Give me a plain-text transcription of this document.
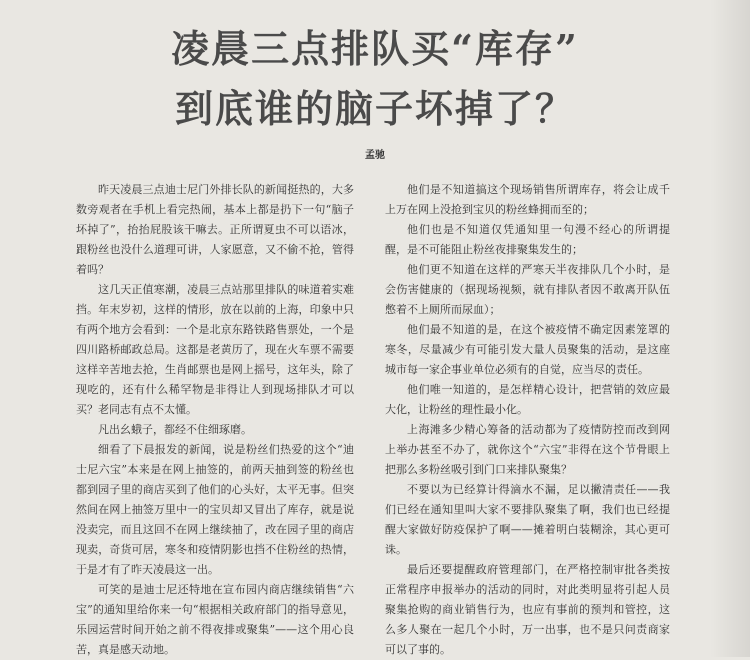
凌晨三点排队买“库存”
到底谁的脑子坏掉了？
孟驰

昨天凌晨三点迪士尼门外排长队的新闻挺热的，大多数旁观者在手机上看完热闹，基本上都是扔下一句“脑子坏掉了”，抬抬屁股该干嘛去。正所谓夏虫不可以语冰，跟粉丝也没什么道理可讲，人家愿意，又不偷不抢，管得着吗？

这几天正值寒潮，凌晨三点站那里排队的味道着实难挡。年末岁初，这样的情形，放在以前的上海，印象中只有两个地方会看到：一个是北京东路铁路售票处，一个是四川路桥邮政总局。这都是老黄历了，现在火车票不需要这样辛苦地去抢，生肖邮票也是网上摇号，这年头，除了现吃的，还有什么稀罕物是非得让人到现场排队才可以买？老同志有点不太懂。

凡出幺蛾子，都经不住细琢磨。

细看了下晨报发的新闻，说是粉丝们热爱的这个“迪士尼六宝”本来是在网上抽签的，前两天抽到签的粉丝也都到园子里的商店买到了他们的心头好，太平无事。但突然间在网上抽签万里中一的宝贝却又冒出了库存，就是说没卖完，而且这回不在网上继续抽了，改在园子里的商店现卖，奇货可居，寒冬和疫情阴影也挡不住粉丝的热情，于是才有了昨天凌晨这一出。

可笑的是迪士尼还特地在宣布园内商店继续销售“六宝”的通知里给你来一句“根据相关政府部门的指导意见，乐园运营时间开始之前不得夜排或聚集”——这个用心良苦，真是感天动地。

他们是不知道搞这个现场销售所谓库存，将会让成千上万在网上没抢到宝贝的粉丝蜂拥而至的；

他们也是不知道仅凭通知里一句漫不经心的所谓提醒，是不可能阻止粉丝夜排聚集发生的；

他们更不知道在这样的严寒天半夜排队几个小时，是会伤害健康的（据现场视频，就有排队者因不敢离开队伍憋着不上厕所而尿血）；

他们最不知道的是，在这个被疫情不确定因素笼罩的寒冬，尽量减少有可能引发大量人员聚集的活动，是这座城市每一家企事业单位必须有的自觉，应当尽的责任。

他们唯一知道的，是怎样精心设计，把营销的效应最大化，让粉丝的理性最小化。

上海滩多少精心筹备的活动都为了疫情防控而改到网上举办甚至不办了，就你这个“六宝”非得在这个节骨眼上把那么多粉丝吸引到门口来排队聚集？

不要以为已经算计得滴水不漏，足以撇清责任——我们已经在通知里叫大家不要排队聚集了啊，我们也已经提醒大家做好防疫保护了啊——摊着明白装糊涂，其心更可诛。

最后还要提醒政府管理部门，在严格控制审批各类按正常程序申报举办的活动的同时，对此类明显将引起人员聚集抢购的商业销售行为，也应有事前的预判和管控，这么多人聚在一起几个小时，万一出事，也不是只问责商家可以了事的。
